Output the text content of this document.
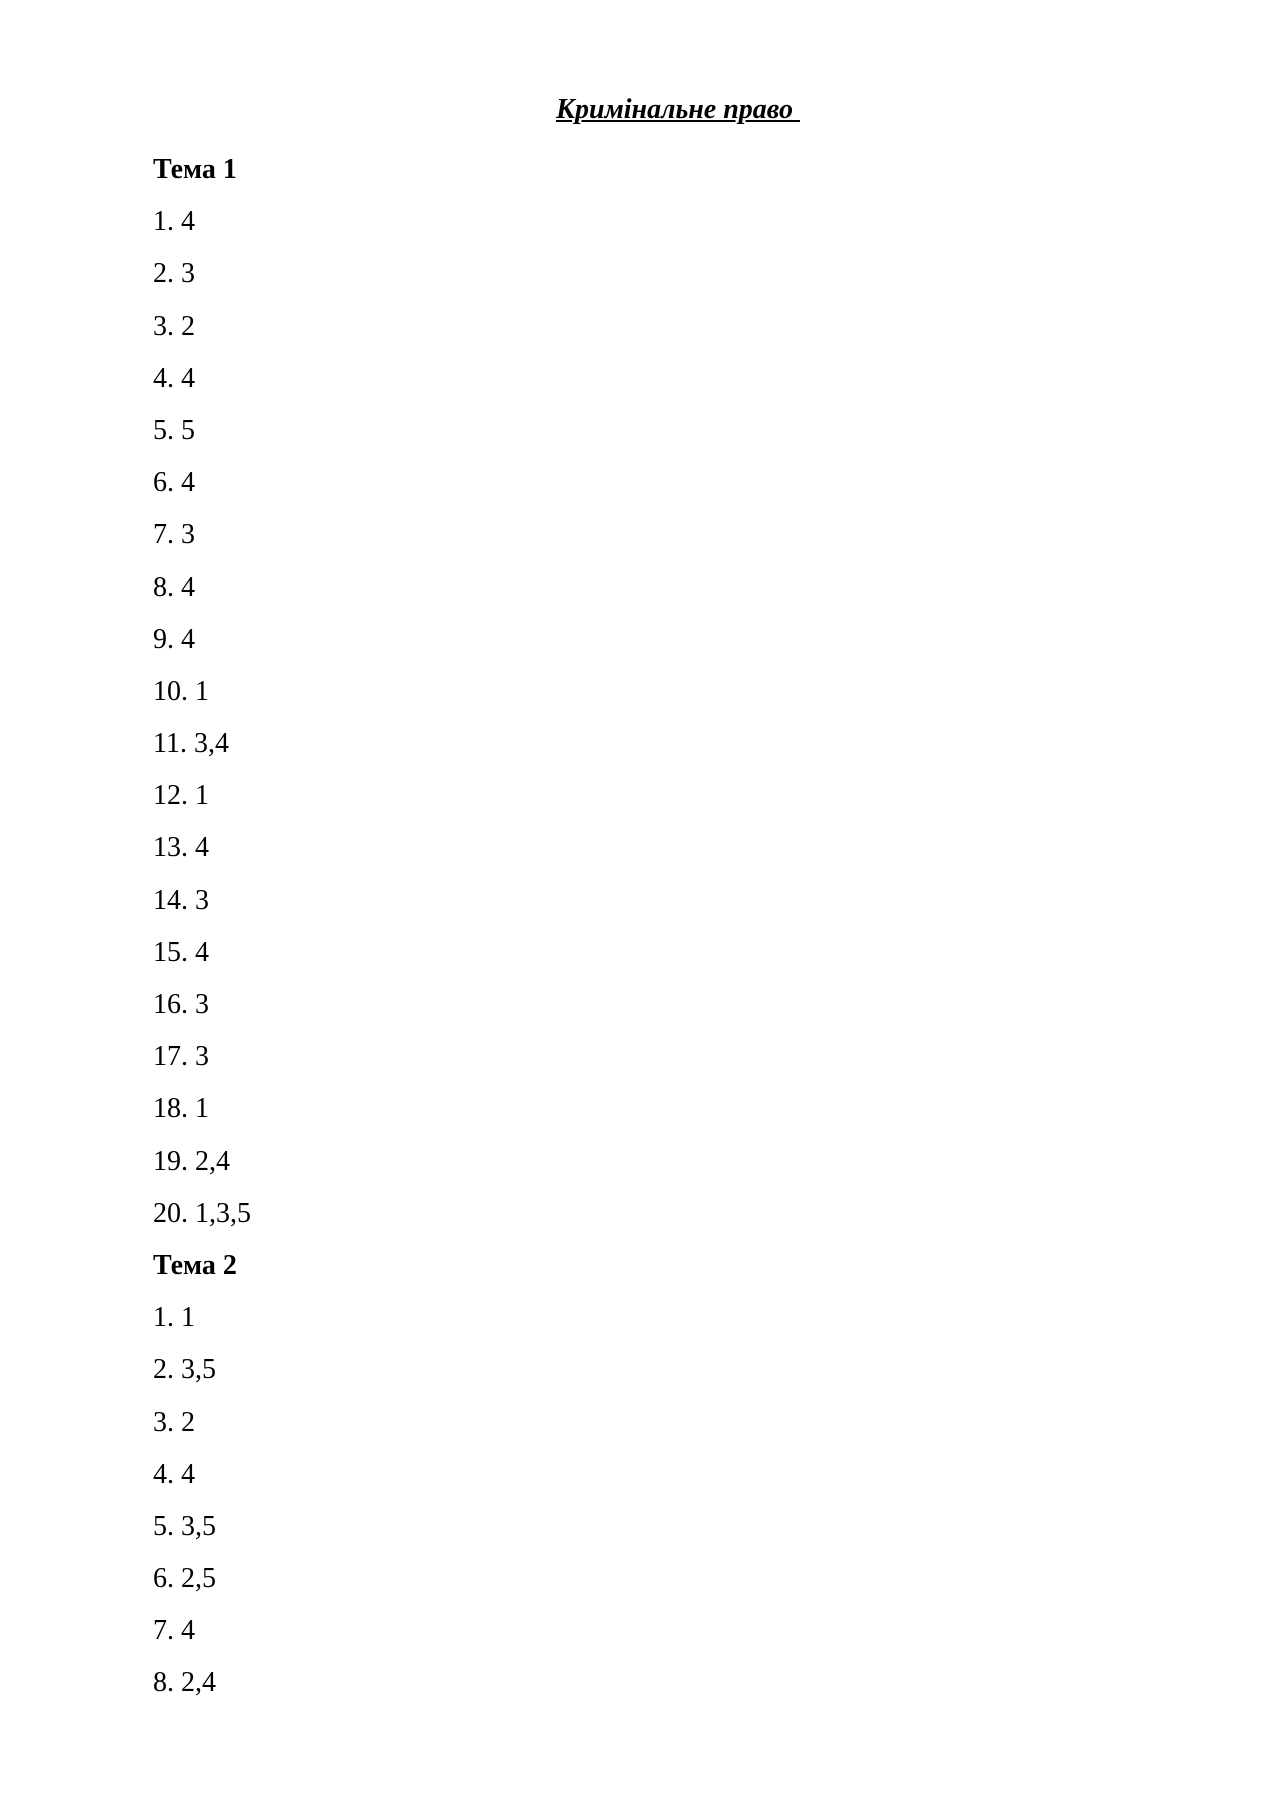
Кримінальне право
Тема 1
1. 4
2. 3
3. 2
4. 4
5. 5
6. 4
7. 3
8. 4
9. 4
10. 1
11. 3,4
12. 1
13. 4
14. 3
15. 4
16. 3
17. 3
18. 1
19. 2,4
20. 1,3,5
Тема 2
1. 1
2. 3,5
3. 2
4. 4
5. 3,5
6. 2,5
7. 4
8. 2,4
